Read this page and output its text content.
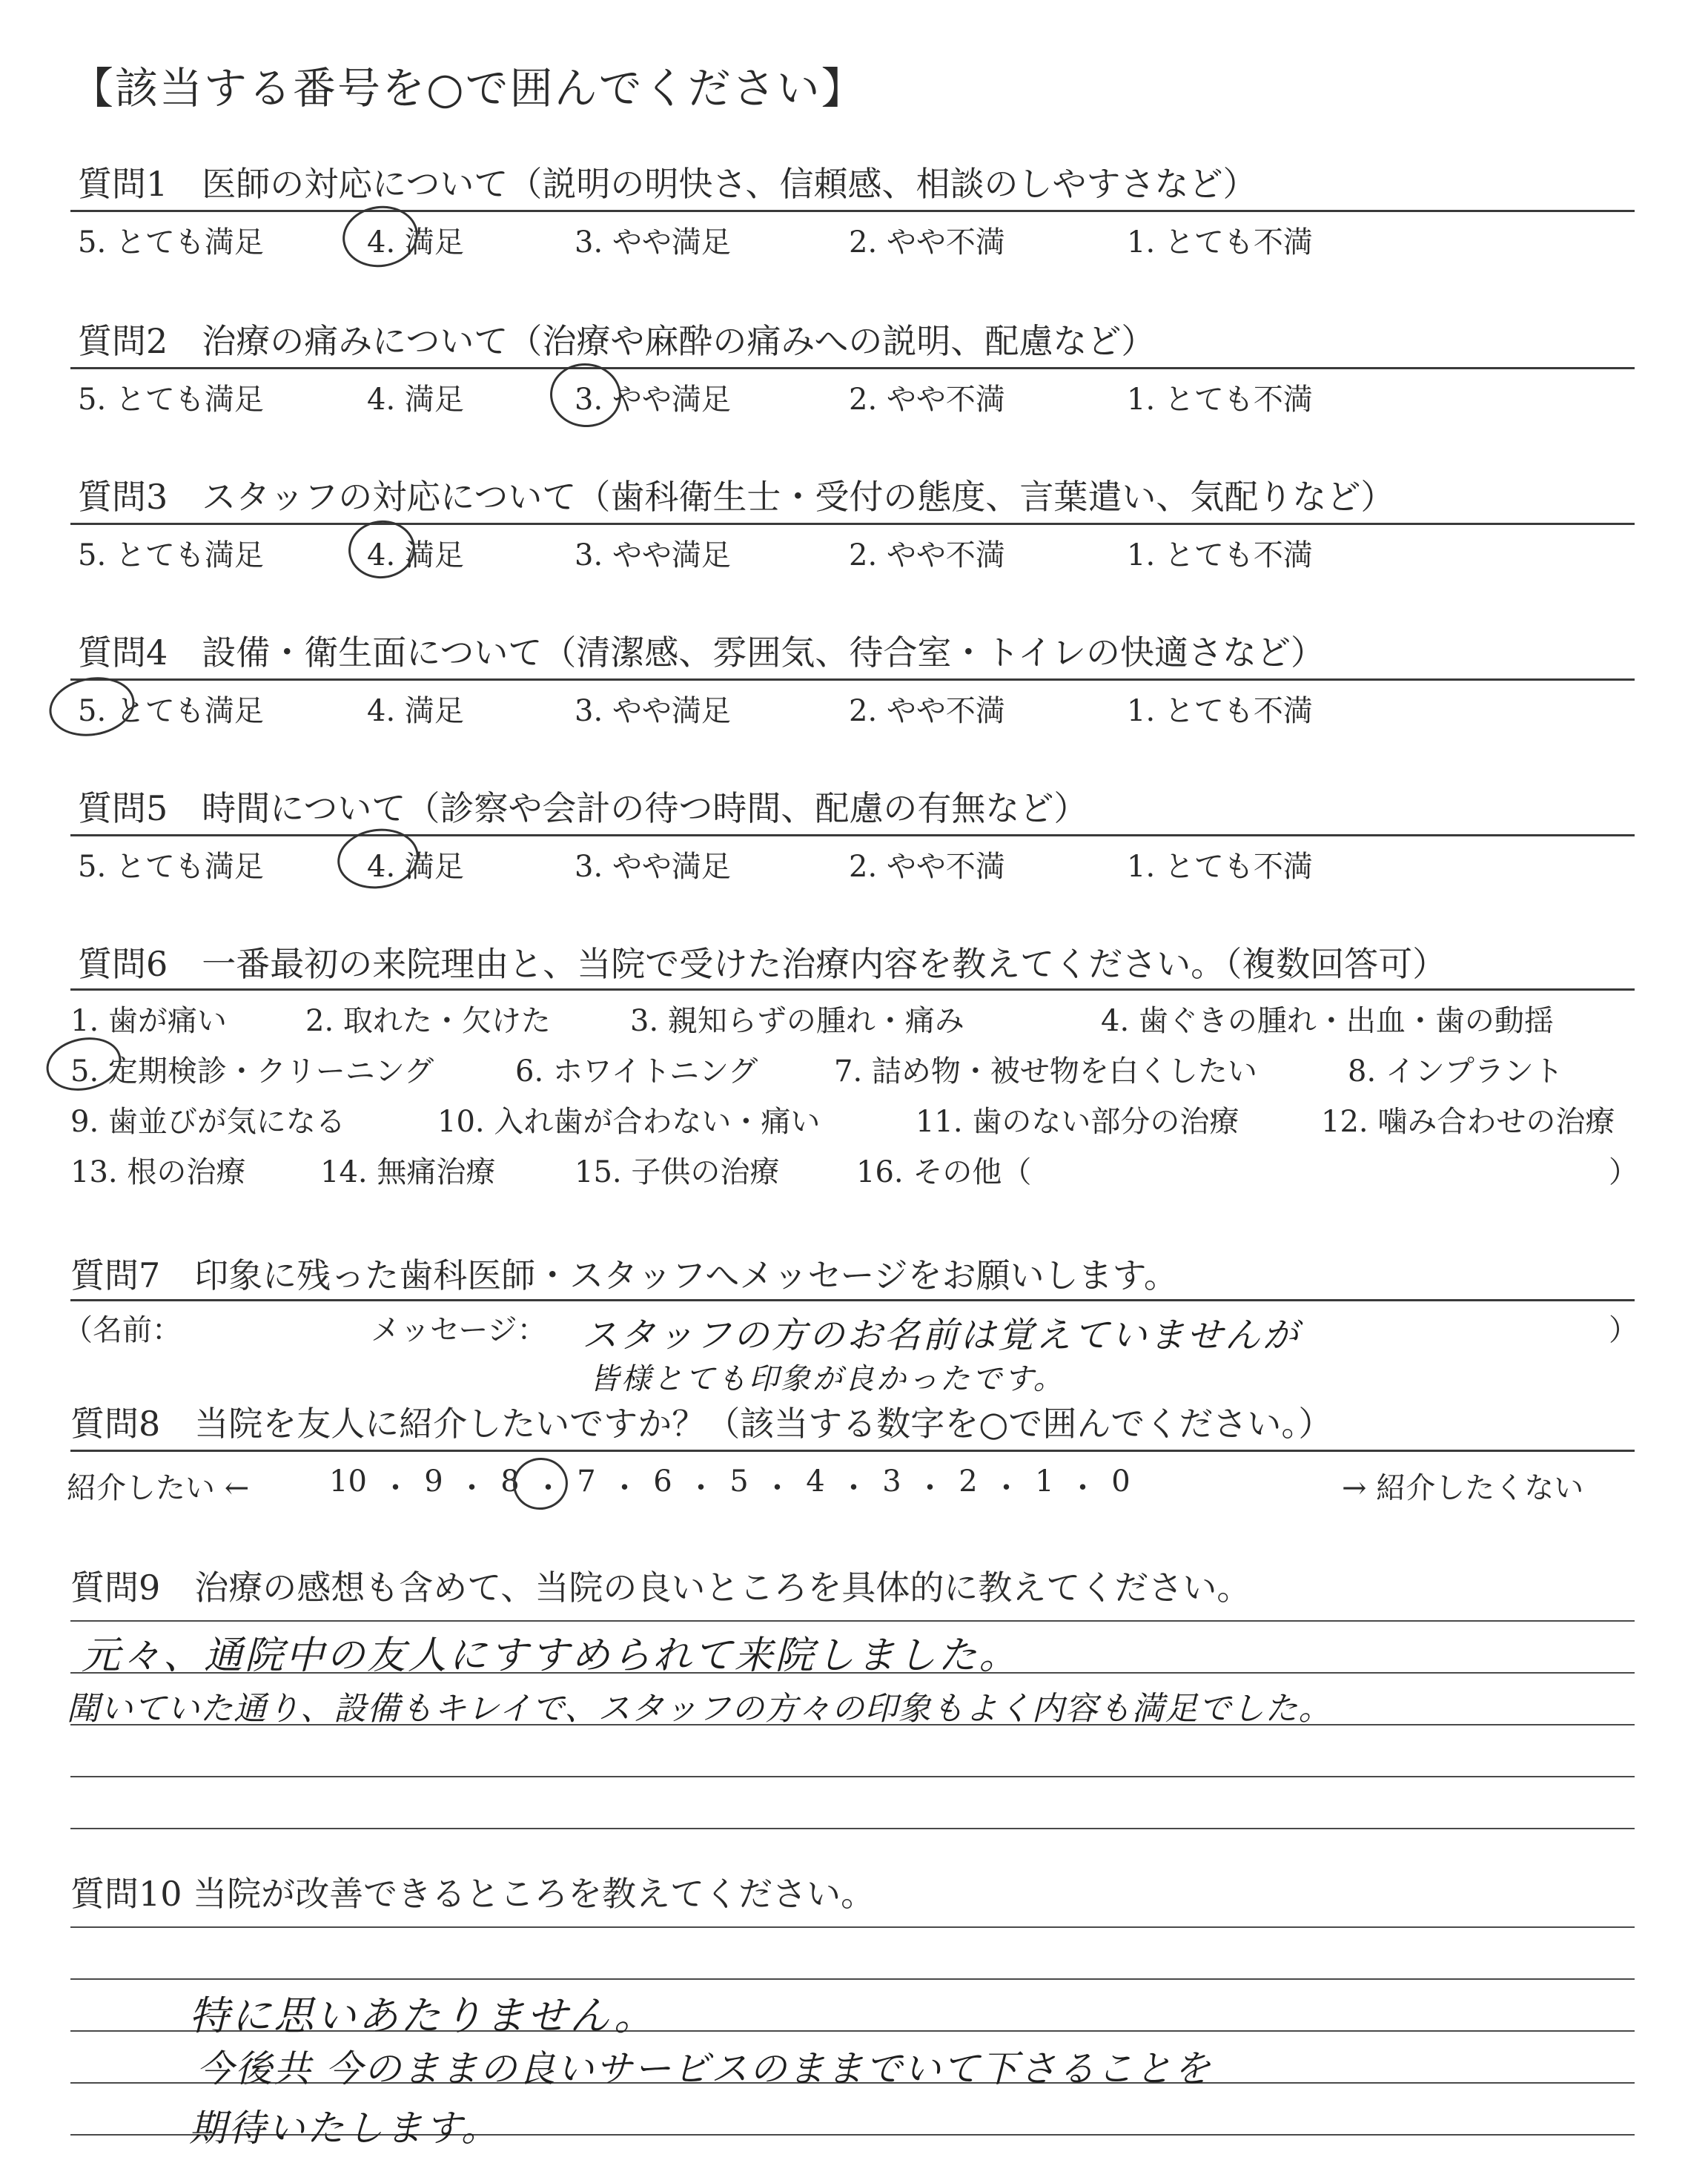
【該当する番号を○で囲んでください】
質問1　医師の対応について（説明の明快さ、信頼感、相談のしやすさなど）
5. とても満足	4. 満足	3. やや満足	2. やや不満	1. とても不満
質問2　治療の痛みについて（治療や麻酔の痛みへの説明、配慮など）
5. とても満足	4. 満足	3. やや満足	2. やや不満	1. とても不満
質問3　スタッフの対応について（歯科衛生士・受付の態度、言葉遣い、気配りなど）
5. とても満足	4. 満足	3. やや満足	2. やや不満	1. とても不満
質問4　設備・衛生面について（清潔感、雰囲気、待合室・トイレの快適さなど）
5. とても満足	4. 満足	3. やや満足	2. やや不満	1. とても不満
質問5　時間について（診察や会計の待つ時間、配慮の有無など）
5. とても満足	4. 満足	3. やや満足	2. やや不満	1. とても不満
質問6　一番最初の来院理由と、当院で受けた治療内容を教えてください。（複数回答可）
1. 歯が痛い	2. 取れた・欠けた	3. 親知らずの腫れ・痛み	4. 歯ぐきの腫れ・出血・歯の動揺
5. 定期検診・クリーニング	6. ホワイトニング	7. 詰め物・被せ物を白くしたい	8. インプラント
9. 歯並びが気になる	10. 入れ歯が合わない・痛い	11. 歯のない部分の治療	12. 噛み合わせの治療
13. 根の治療	14. 無痛治療	15. 子供の治療	16. その他（	）
質問7　印象に残った歯科医師・スタッフへメッセージをお願いします。
（名前：	メッセージ：	）
スタッフの方のお名前は覚えていませんが
皆様とても印象が良かったです。
質問8　当院を友人に紹介したいですか？（該当する数字を○で囲んでください。）
紹介したい ←	10 ・ 9 ・ 8 ・ 7 ・ 6 ・ 5 ・ 4 ・ 3 ・ 2 ・ 1 ・ 0	→ 紹介したくない
質問9　治療の感想も含めて、当院の良いところを具体的に教えてください。
元々、通院中の友人にすすめられて来院しました。
聞いていた通り、設備もキレイで、スタッフの方々の印象もよく内容も満足でした。
質問10 当院が改善できるところを教えてください。
特に思いあたりません。
今後共 今のままの良いサービスのままでいて下さることを
期待いたします。
